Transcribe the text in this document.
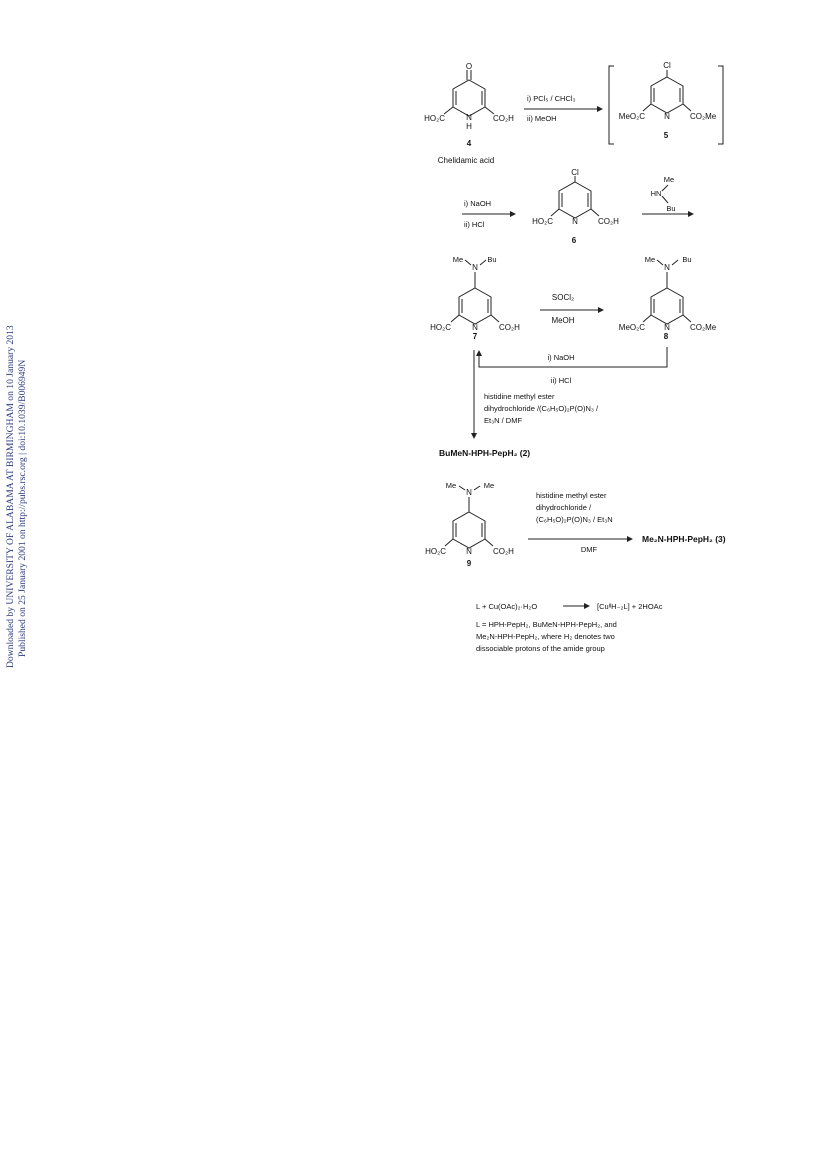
Downloaded by UNIVERSITY OF ALABAMA AT BIRMINGHAM on 10 January 2013 Published on 25 January 2001 on http://pubs.rsc.org | doi:10.1039/B006949N
O
N
H
HO₂C	CO₂H
4
Chelidamic acid
i) PCl₅ / CHCl₃
ii) MeOH
Cl
N
MeO₂C	CO₂Me
5
i) NaOH
ii) HCl
Cl
N
HO₂C	CO₂H
6
Me
HN
Bu
Me
N
Bu
N
HO₂C	CO₂H
7
SOCl₂
MeOH
Me
N
Bu
N
MeO₂C	CO₂Me
8
i) NaOH
ii) HCl
histidine methyl ester
dihydrochloride /(C₆H₅O)₂P(O)N₃ /
Et₃N / DMF
BuMeN-HPH-PepH₂ (2)
Me
N
Me
N
HO₂C	CO₂H
9
histidine methyl ester
dihydrochloride /
(C₆H₅O)₂P(O)N₃ / Et₃N
DMF
Me₂N-HPH-PepH₂ (3)
L + Cu(OAc)₂·H₂O	[CuᴵᴵH₋₂L] + 2HOAc
L = HPH-PepH₂, BuMeN-HPH-PepH₂, and
Me₂N-HPH-PepH₂, where H₂ denotes two
dissociable protons of the amide group
